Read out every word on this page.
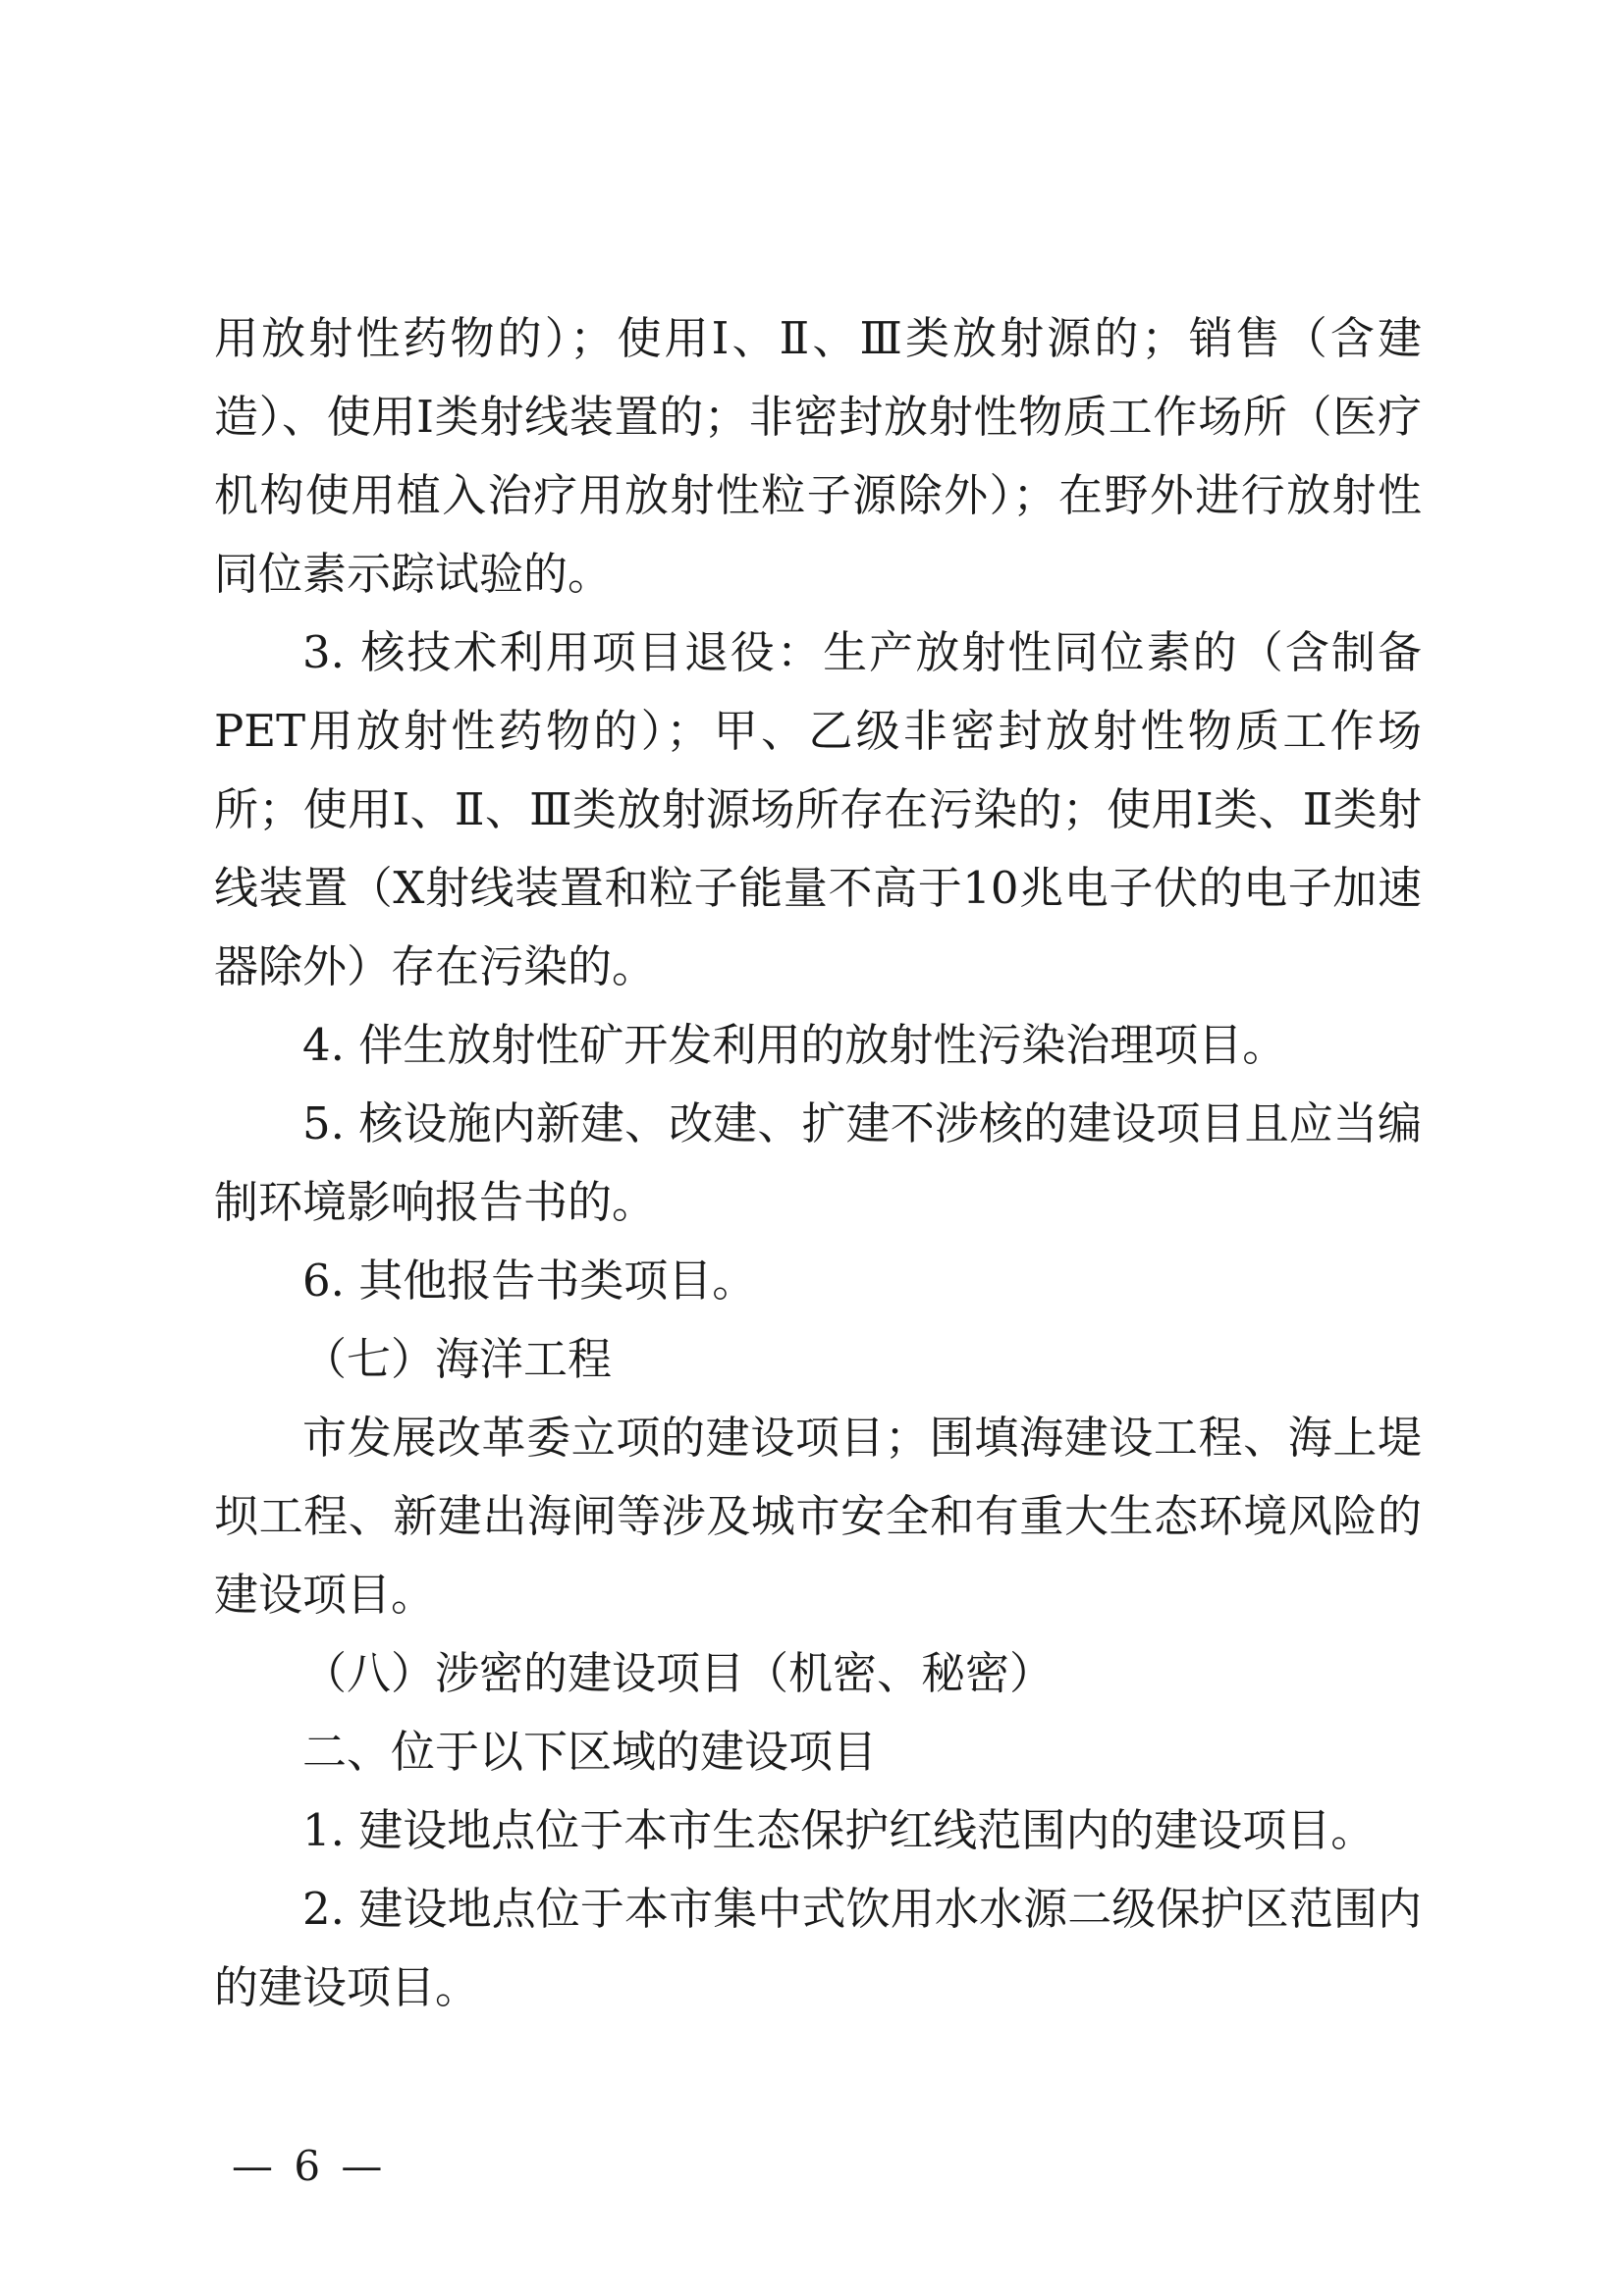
用放射性药物的）；使用Ⅰ、Ⅱ、Ⅲ类放射源的；销售（含建造）、使用Ⅰ类射线装置的；非密封放射性物质工作场所（医疗机构使用植入治疗用放射性粒子源除外）；在野外进行放射性同位素示踪试验的。

3. 核技术利用项目退役：生产放射性同位素的（含制备PET用放射性药物的）；甲、乙级非密封放射性物质工作场所；使用Ⅰ、Ⅱ、Ⅲ类放射源场所存在污染的；使用Ⅰ类、Ⅱ类射线装置（X射线装置和粒子能量不高于10兆电子伏的电子加速器除外）存在污染的。

4. 伴生放射性矿开发利用的放射性污染治理项目。

5. 核设施内新建、改建、扩建不涉核的建设项目且应当编制环境影响报告书的。

6. 其他报告书类项目。

（七）海洋工程

市发展改革委立项的建设项目；围填海建设工程、海上堤坝工程、新建出海闸等涉及城市安全和有重大生态环境风险的建设项目。

（八）涉密的建设项目（机密、秘密）

二、位于以下区域的建设项目

1. 建设地点位于本市生态保护红线范围内的建设项目。

2. 建设地点位于本市集中式饮用水水源二级保护区范围内的建设项目。

— 6 —
